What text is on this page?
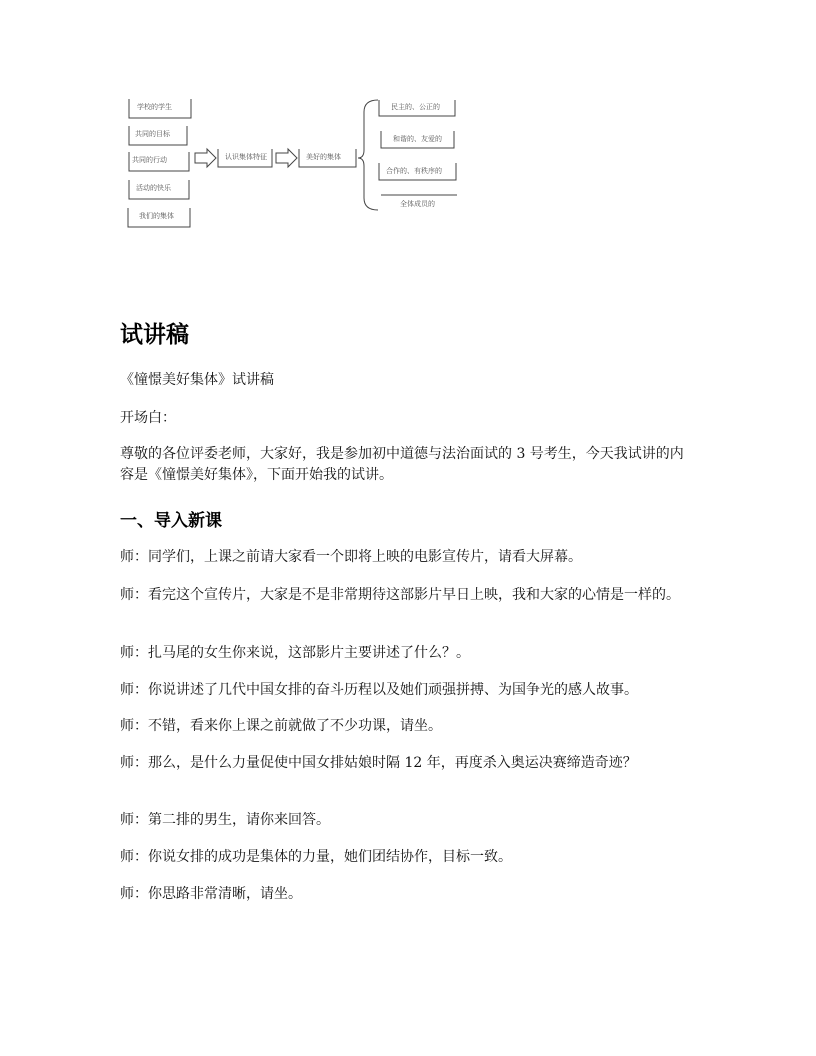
学校的学生
共同的目标
共同的行动
活动的快乐
我们的集体
认识集体特征	美好的集体
民主的、公正的
和谐的、友爱的
合作的、有秩序的
全体成员的
试讲稿
《憧憬美好集体》试讲稿
开场白：
尊敬的各位评委老师，大家好，我是参加初中道德与法治面试的 3 号考生，今天我试讲的内容是《憧憬美好集体》，下面开始我的试讲。
一、导入新课
师：同学们，上课之前请大家看一个即将上映的电影宣传片，请看大屏幕。
师：看完这个宣传片，大家是不是非常期待这部影片早日上映，我和大家的心情是一样的。
师：扎马尾的女生你来说，这部影片主要讲述了什么？。
师：你说讲述了几代中国女排的奋斗历程以及她们顽强拼搏、为国争光的感人故事。
师：不错，看来你上课之前就做了不少功课，请坐。
师：那么，是什么力量促使中国女排姑娘时隔 12 年，再度杀入奥运决赛缔造奇迹？
师：第二排的男生，请你来回答。
师：你说女排的成功是集体的力量，她们团结协作，目标一致。
师：你思路非常清晰，请坐。
